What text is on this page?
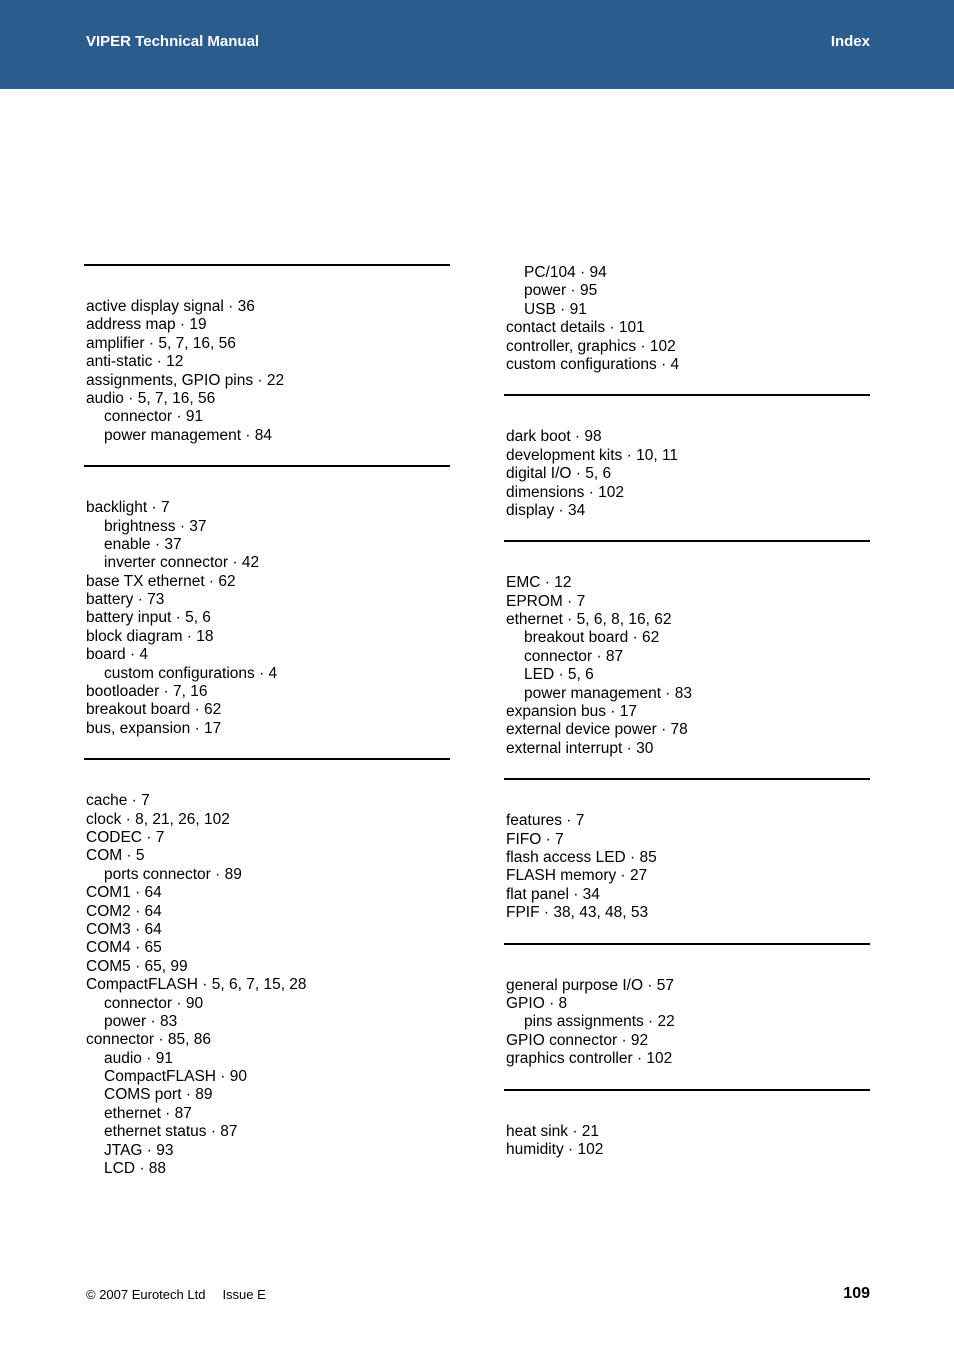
VIPER Technical Manual	Index
active display signal · 36
address map · 19
amplifier · 5, 7, 16, 56
anti-static · 12
assignments, GPIO pins · 22
audio · 5, 7, 16, 56
connector · 91
power management · 84
backlight · 7
brightness · 37
enable · 37
inverter connector · 42
base TX ethernet · 62
battery · 73
battery input · 5, 6
block diagram · 18
board · 4
custom configurations · 4
bootloader · 7, 16
breakout board · 62
bus, expansion · 17
cache · 7
clock · 8, 21, 26, 102
CODEC · 7
COM · 5
ports connector · 89
COM1 · 64
COM2 · 64
COM3 · 64
COM4 · 65
COM5 · 65, 99
CompactFLASH · 5, 6, 7, 15, 28
connector · 90
power · 83
connector · 85, 86
audio · 91
CompactFLASH · 90
COMS port · 89
ethernet · 87
ethernet status · 87
JTAG · 93
LCD · 88
PC/104 · 94
power · 95
USB · 91
contact details · 101
controller, graphics · 102
custom configurations · 4
dark boot · 98
development kits · 10, 11
digital I/O · 5, 6
dimensions · 102
display · 34
EMC · 12
EPROM · 7
ethernet · 5, 6, 8, 16, 62
breakout board · 62
connector · 87
LED · 5, 6
power management · 83
expansion bus · 17
external device power · 78
external interrupt · 30
features · 7
FIFO · 7
flash access LED · 85
FLASH memory · 27
flat panel · 34
FPIF · 38, 43, 48, 53
general purpose I/O · 57
GPIO · 8
pins assignments · 22
GPIO connector · 92
graphics controller · 102
heat sink · 21
humidity · 102
© 2007 Eurotech Ltd Issue E	109
